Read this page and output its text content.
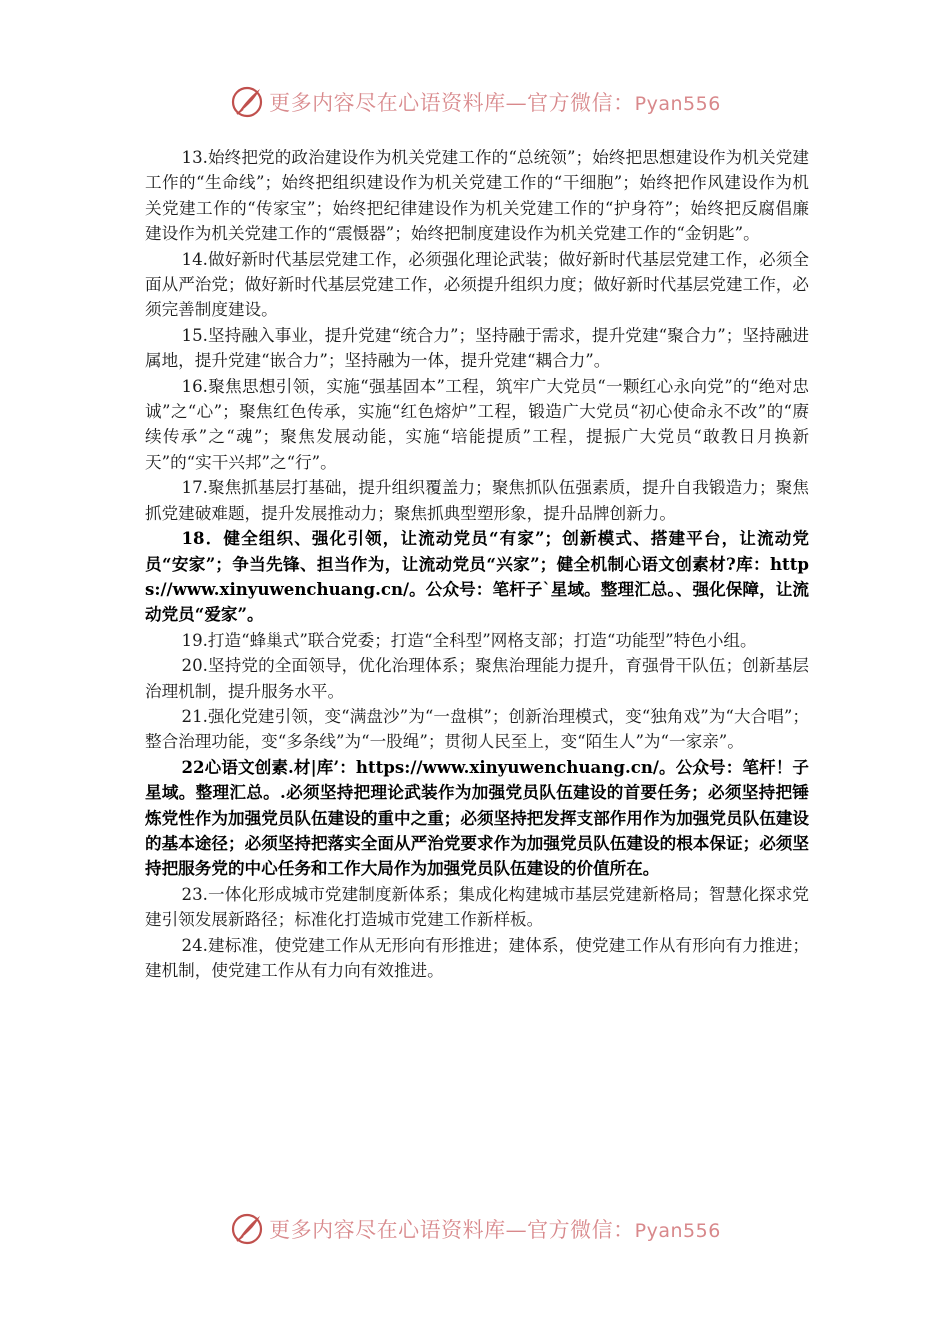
更多内容尽在心语资料库—官方微信：Pyan556

13.始终把党的政治建设作为机关党建工作的“总统领”；始终把思想建设作为机关党建工作的“生命线”；始终把组织建设作为机关党建工作的“干细胞”；始终把作风建设作为机关党建工作的“传家宝”；始终把纪律建设作为机关党建工作的“护身符”；始终把反腐倡廉建设作为机关党建工作的“震慑器”；始终把制度建设作为机关党建工作的“金钥匙”。

14.做好新时代基层党建工作，必须强化理论武装；做好新时代基层党建工作，必须全面从严治党；做好新时代基层党建工作，必须提升组织力度；做好新时代基层党建工作，必须完善制度建设。

15.坚持融入事业，提升党建“统合力”；坚持融于需求，提升党建“聚合力”；坚持融进属地，提升党建“嵌合力”；坚持融为一体，提升党建“耦合力”。

16.聚焦思想引领，实施“强基固本”工程，筑牢广大党员“一颗红心永向党”的“绝对忠诚”之“心”；聚焦红色传承，实施“红色熔炉”工程，锻造广大党员“初心使命永不改”的“赓续传承”之“魂”；聚焦发展动能，实施“培能提质”工程，提振广大党员“敢教日月换新天”的“实干兴邦”之“行”。

17.聚焦抓基层打基础，提升组织覆盖力；聚焦抓队伍强素质，提升自我锻造力；聚焦抓党建破难题，提升发展推动力；聚焦抓典型塑形象，提升品牌创新力。

18．健全组织、强化引领，让流动党员“有家”；创新模式、搭建平台，让流动党员“安家”；争当先锋、担当作为，让流动党员“兴家”；健全机制心语文创素材?库：https://www.xinyuwenchuang.cn/。公众号：笔杆子`星域。整理汇总。、强化保障，让流动党员“爱家”。

19.打造“蜂巢式”联合党委；打造“全科型”网格支部；打造“功能型”特色小组。

20.坚持党的全面领导，优化治理体系；聚焦治理能力提升，育强骨干队伍；创新基层治理机制，提升服务水平。

21.强化党建引领，变“满盘沙”为“一盘棋”；创新治理模式，变“独角戏”为“大合唱”；整合治理功能，变“多条线”为“一股绳”；贯彻人民至上，变“陌生人”为“一家亲”。

22心语文创素.材|库’：https://www.xinyuwenchuang.cn/。公众号：笔杆！子星域。整理汇总。.必须坚持把理论武装作为加强党员队伍建设的首要任务；必须坚持把锤炼党性作为加强党员队伍建设的重中之重；必须坚持把发挥支部作用作为加强党员队伍建设的基本途径；必须坚持把落实全面从严治党要求作为加强党员队伍建设的根本保证；必须坚持把服务党的中心任务和工作大局作为加强党员队伍建设的价值所在。

23.一体化形成城市党建制度新体系；集成化构建城市基层党建新格局；智慧化探求党建引领发展新路径；标准化打造城市党建工作新样板。

24.建标准，使党建工作从无形向有形推进；建体系，使党建工作从有形向有力推进；建机制，使党建工作从有力向有效推进。

更多内容尽在心语资料库—官方微信：Pyan556
